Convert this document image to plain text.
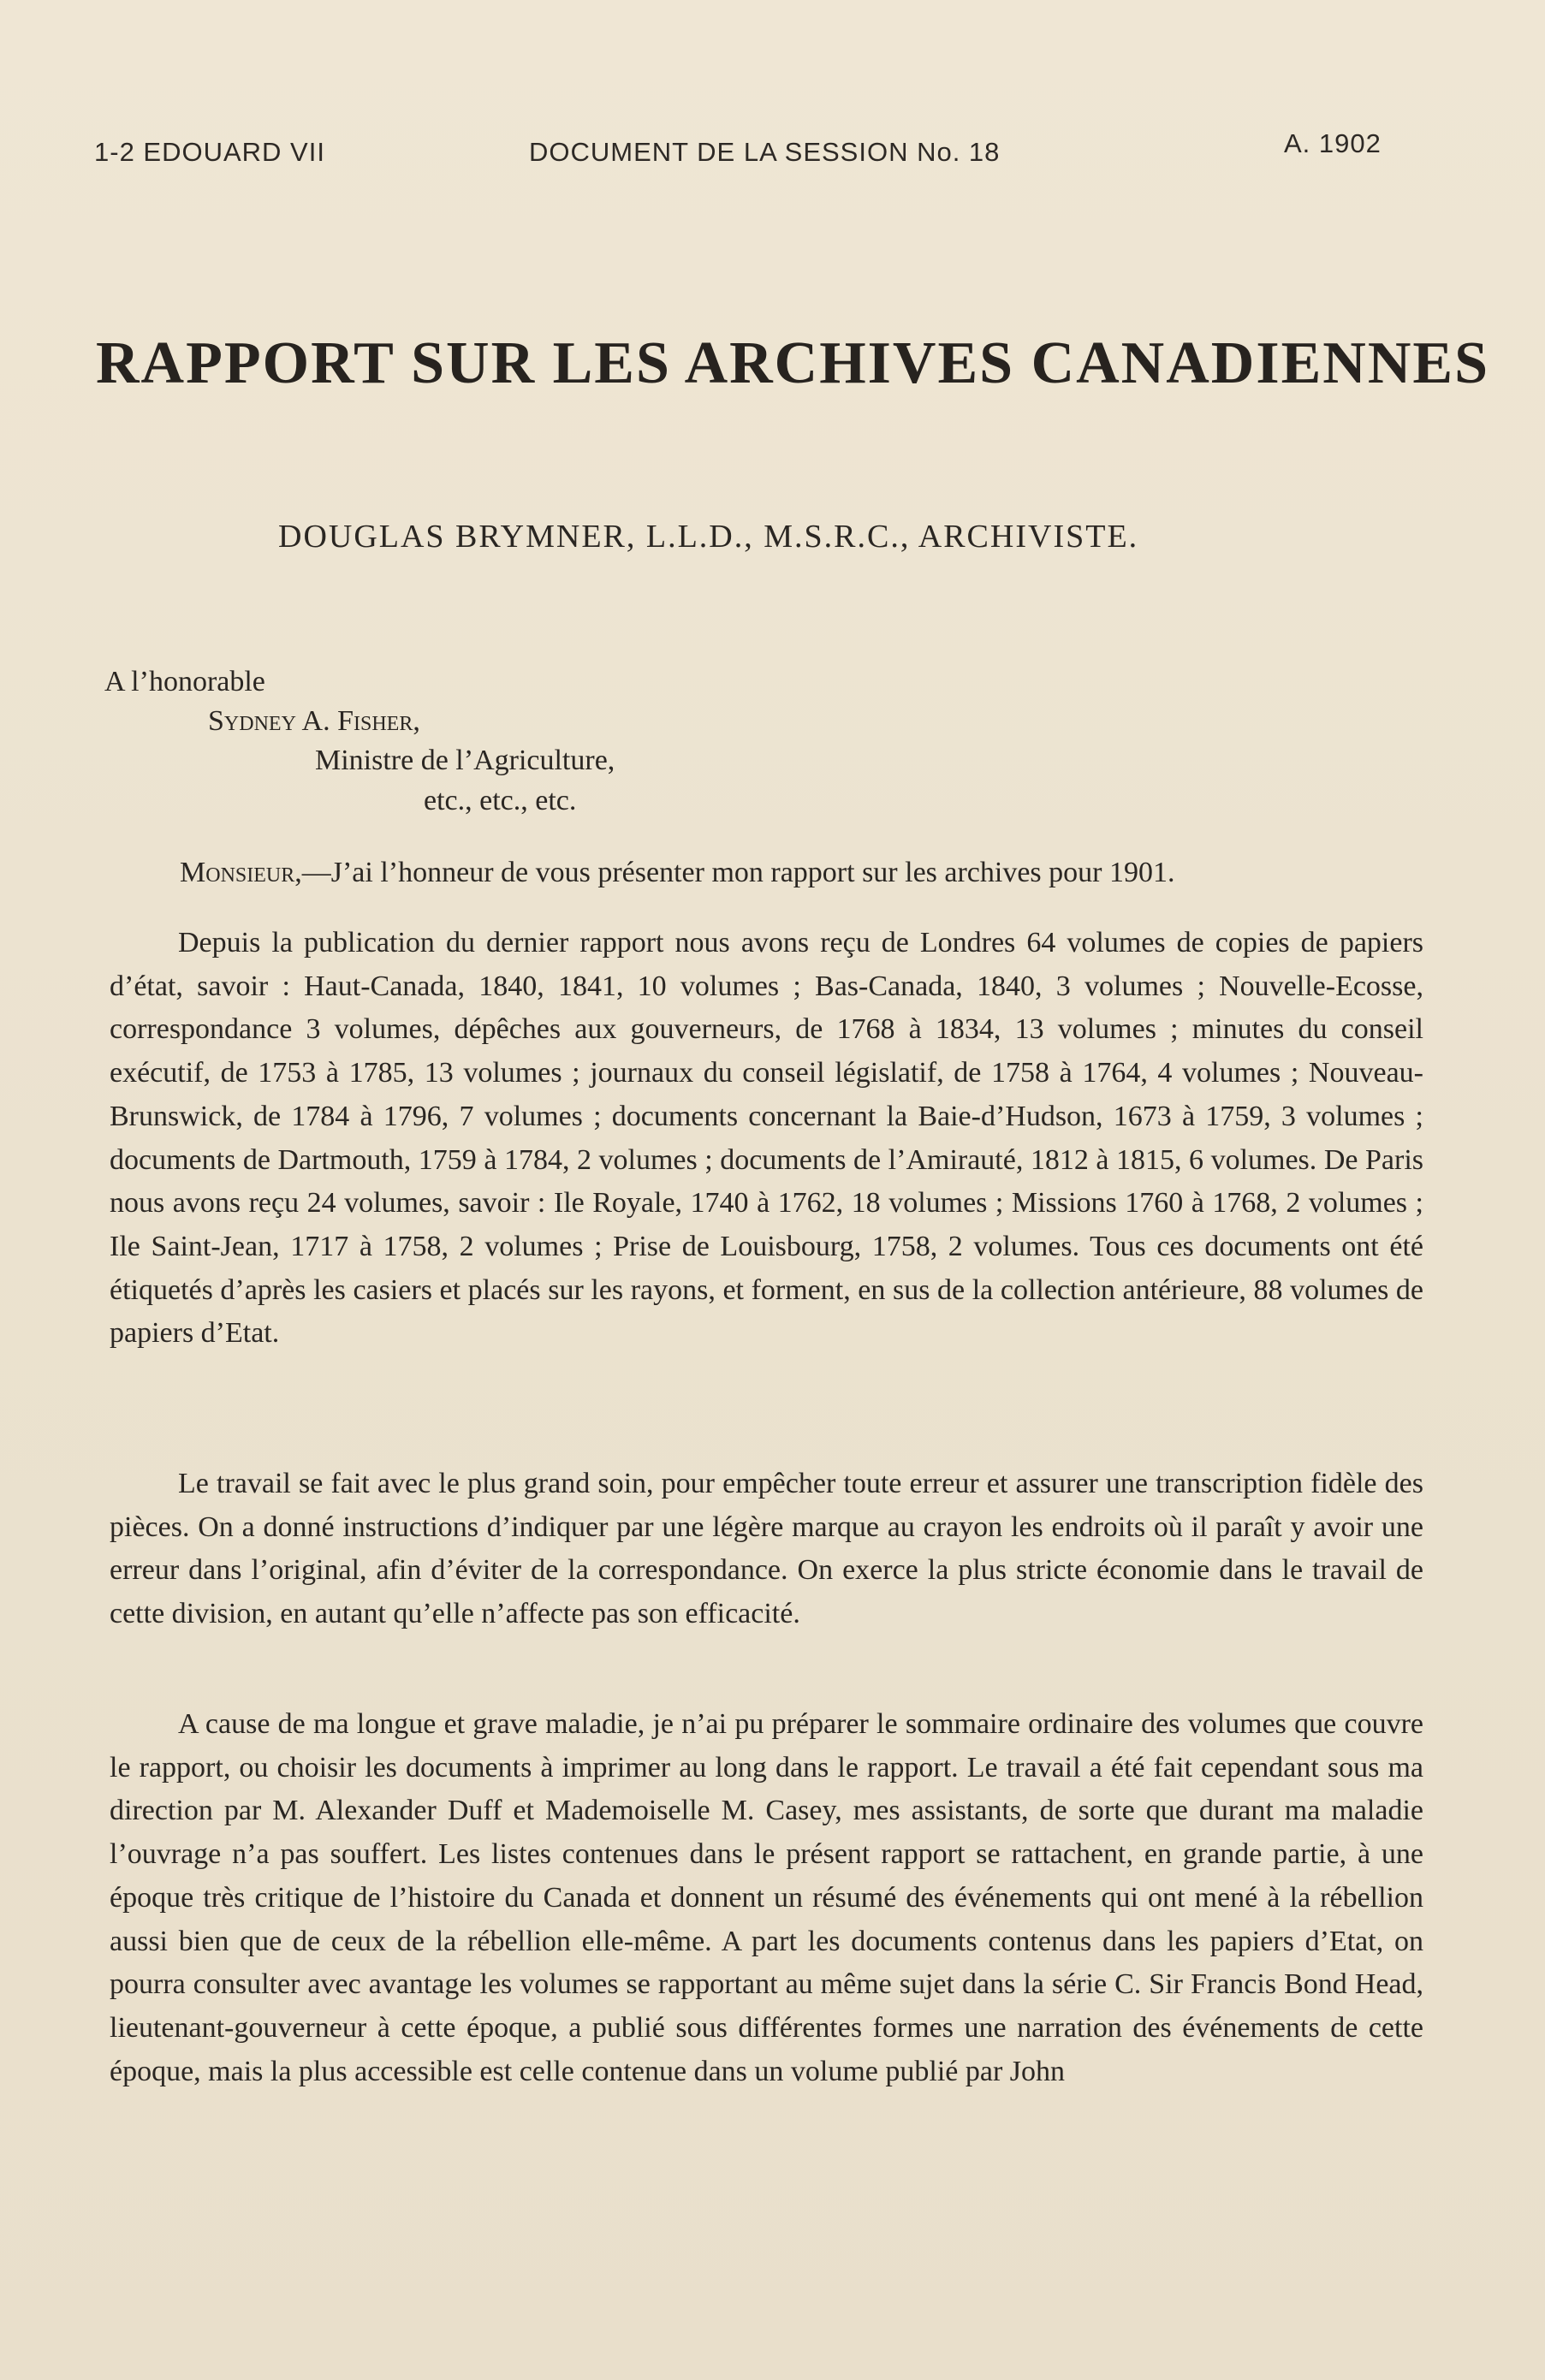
1-2 EDOUARD VII	DOCUMENT DE LA SESSION No. 18	A. 1902
RAPPORT SUR LES ARCHIVES CANADIENNES
DOUGLAS BRYMNER, L.L.D., M.S.R.C., ARCHIVISTE.
A l’honorable
Sydney A. Fisher,
Ministre de l’Agriculture,
etc., etc., etc.
Monsieur,—J’ai l’honneur de vous présenter mon rapport sur les archives pour 1901.

Depuis la publication du dernier rapport nous avons reçu de Londres 64 volumes de copies de papiers d’état, savoir : Haut-Canada, 1840, 1841, 10 volumes ; Bas-Canada, 1840, 3 volumes ; Nouvelle-Ecosse, correspondance 3 volumes, dépêches aux gouverneurs, de 1768 à 1834, 13 volumes ; minutes du conseil exécutif, de 1753 à 1785, 13 volumes ; journaux du conseil législatif, de 1758 à 1764, 4 volumes ; Nouveau-Brunswick, de 1784 à 1796, 7 volumes ; documents concernant la Baie-d’Hudson, 1673 à 1759, 3 volumes ; documents de Dartmouth, 1759 à 1784, 2 volumes ; documents de l’Amirauté, 1812 à 1815, 6 volumes. De Paris nous avons reçu 24 volumes, savoir : Ile Royale, 1740 à 1762, 18 volumes ; Missions 1760 à 1768, 2 volumes ; Ile Saint-Jean, 1717 à 1758, 2 volumes ; Prise de Louisbourg, 1758, 2 volumes. Tous ces documents ont été étiquetés d’après les casiers et placés sur les rayons, et forment, en sus de la collection antérieure, 88 volumes de papiers d’Etat.

Le travail se fait avec le plus grand soin, pour empêcher toute erreur et assurer une transcription fidèle des pièces. On a donné instructions d’indiquer par une légère marque au crayon les endroits où il paraît y avoir une erreur dans l’original, afin d’éviter de la correspondance. On exerce la plus stricte économie dans le travail de cette division, en autant qu’elle n’affecte pas son efficacité.

A cause de ma longue et grave maladie, je n’ai pu préparer le sommaire ordinaire des volumes que couvre le rapport, ou choisir les documents à imprimer au long dans le rapport. Le travail a été fait cependant sous ma direction par M. Alexander Duff et Mademoiselle M. Casey, mes assistants, de sorte que durant ma maladie l’ouvrage n’a pas souffert. Les listes contenues dans le présent rapport se rattachent, en grande partie, à une époque très critique de l’histoire du Canada et donnent un résumé des événements qui ont mené à la rébellion aussi bien que de ceux de la rébellion elle-même. A part les documents contenus dans les papiers d’Etat, on pourra consulter avec avantage les volumes se rapportant au même sujet dans la série C. Sir Francis Bond Head, lieutenant-gouverneur à cette époque, a publié sous différentes formes une narration des événements de cette époque, mais la plus accessible est celle contenue dans un volume publié par John
